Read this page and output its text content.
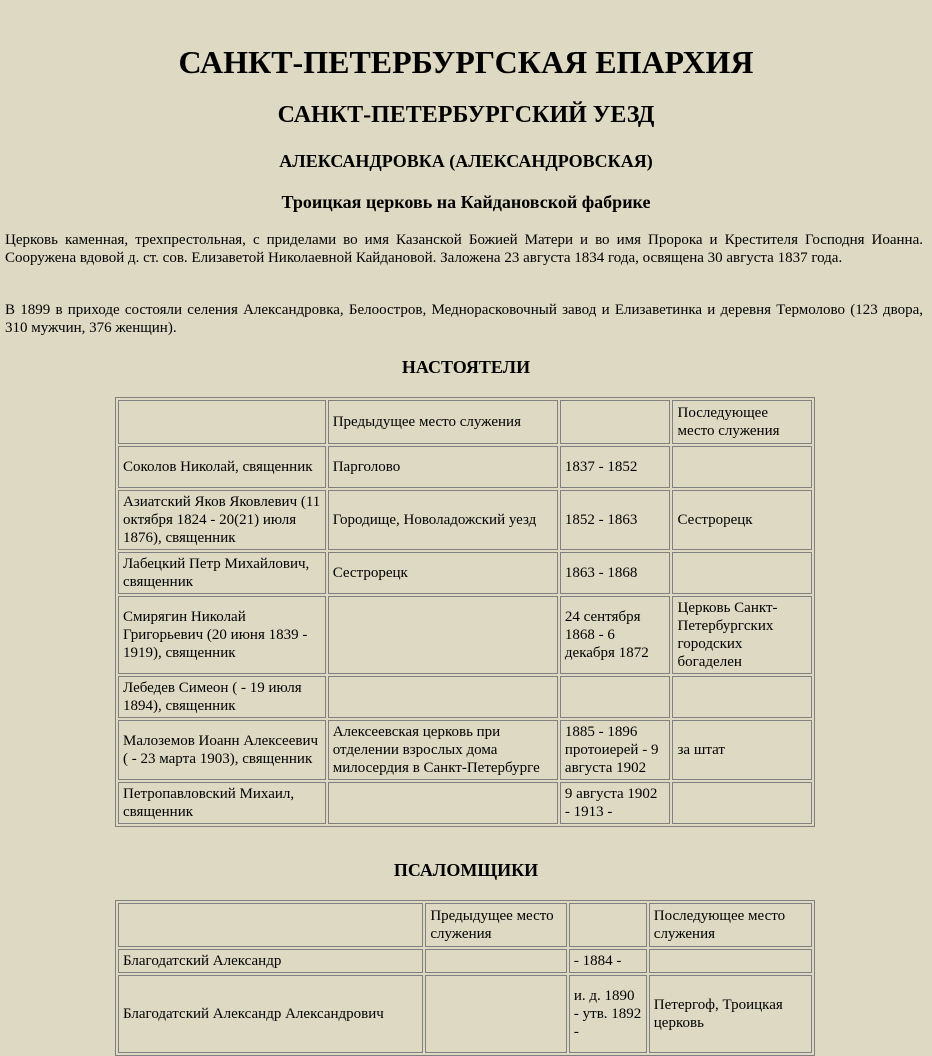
САНКТ-ПЕТЕРБУРГСКАЯ ЕПАРХИЯ
САНКТ-ПЕТЕРБУРГСКИЙ УЕЗД
АЛЕКСАНДРОВКА (АЛЕКСАНДРОВСКАЯ)
Троицкая церковь на Кайдановской фабрике

Церковь каменная, трехпрестольная, с приделами во имя Казанской Божией Матери и во имя Пророка и Крестителя Господня Иоанна. Сооружена вдовой д. ст. сов. Елизаветой Николаевной Кайдановой. Заложена 23 августа 1834 года, освящена 30 августа 1837 года.

В 1899 в приходе состояли селения Александровка, Белоостров, Меднорасковочный завод и Елизаветинка и деревня Термолово (123 двора, 310 мужчин, 376 женщин).

НАСТОЯТЕЛИ
	Предыдущее место служения		Последующее место служения
Соколов Николай, священник	Парголово	1837 - 1852	
Азиатский Яков Яковлевич (11 октября 1824 - 20(21) июля 1876), священник	Городище, Новоладожский уезд	1852 - 1863	Сестрорецк
Лабецкий Петр Михайлович, священник	Сестрорецк	1863 - 1868	
Смирягин Николай Григорьевич (20 июня 1839 - 1919), священник		24 сентября 1868 - 6 декабря 1872	Церковь Санкт-Петербургских городских богаделен
Лебедев Симеон ( - 19 июля 1894), священник			
Малоземов Иоанн Алексеевич ( - 23 марта 1903), священник	Алексеевская церковь при отделении взрослых дома милосердия в Санкт-Петербурге	1885 - 1896 протоиерей - 9 августа 1902	за штат
Петропавловский Михаил, священник		9 августа 1902 - 1913 -	
ПСАЛОМЩИКИ
	Предыдущее место служения		Последующее место служения
Благодатский Александр		- 1884 -	
Благодатский Александр Александрович		и. д. 1890 - утв. 1892 -	Петергоф, Троицкая церковь
